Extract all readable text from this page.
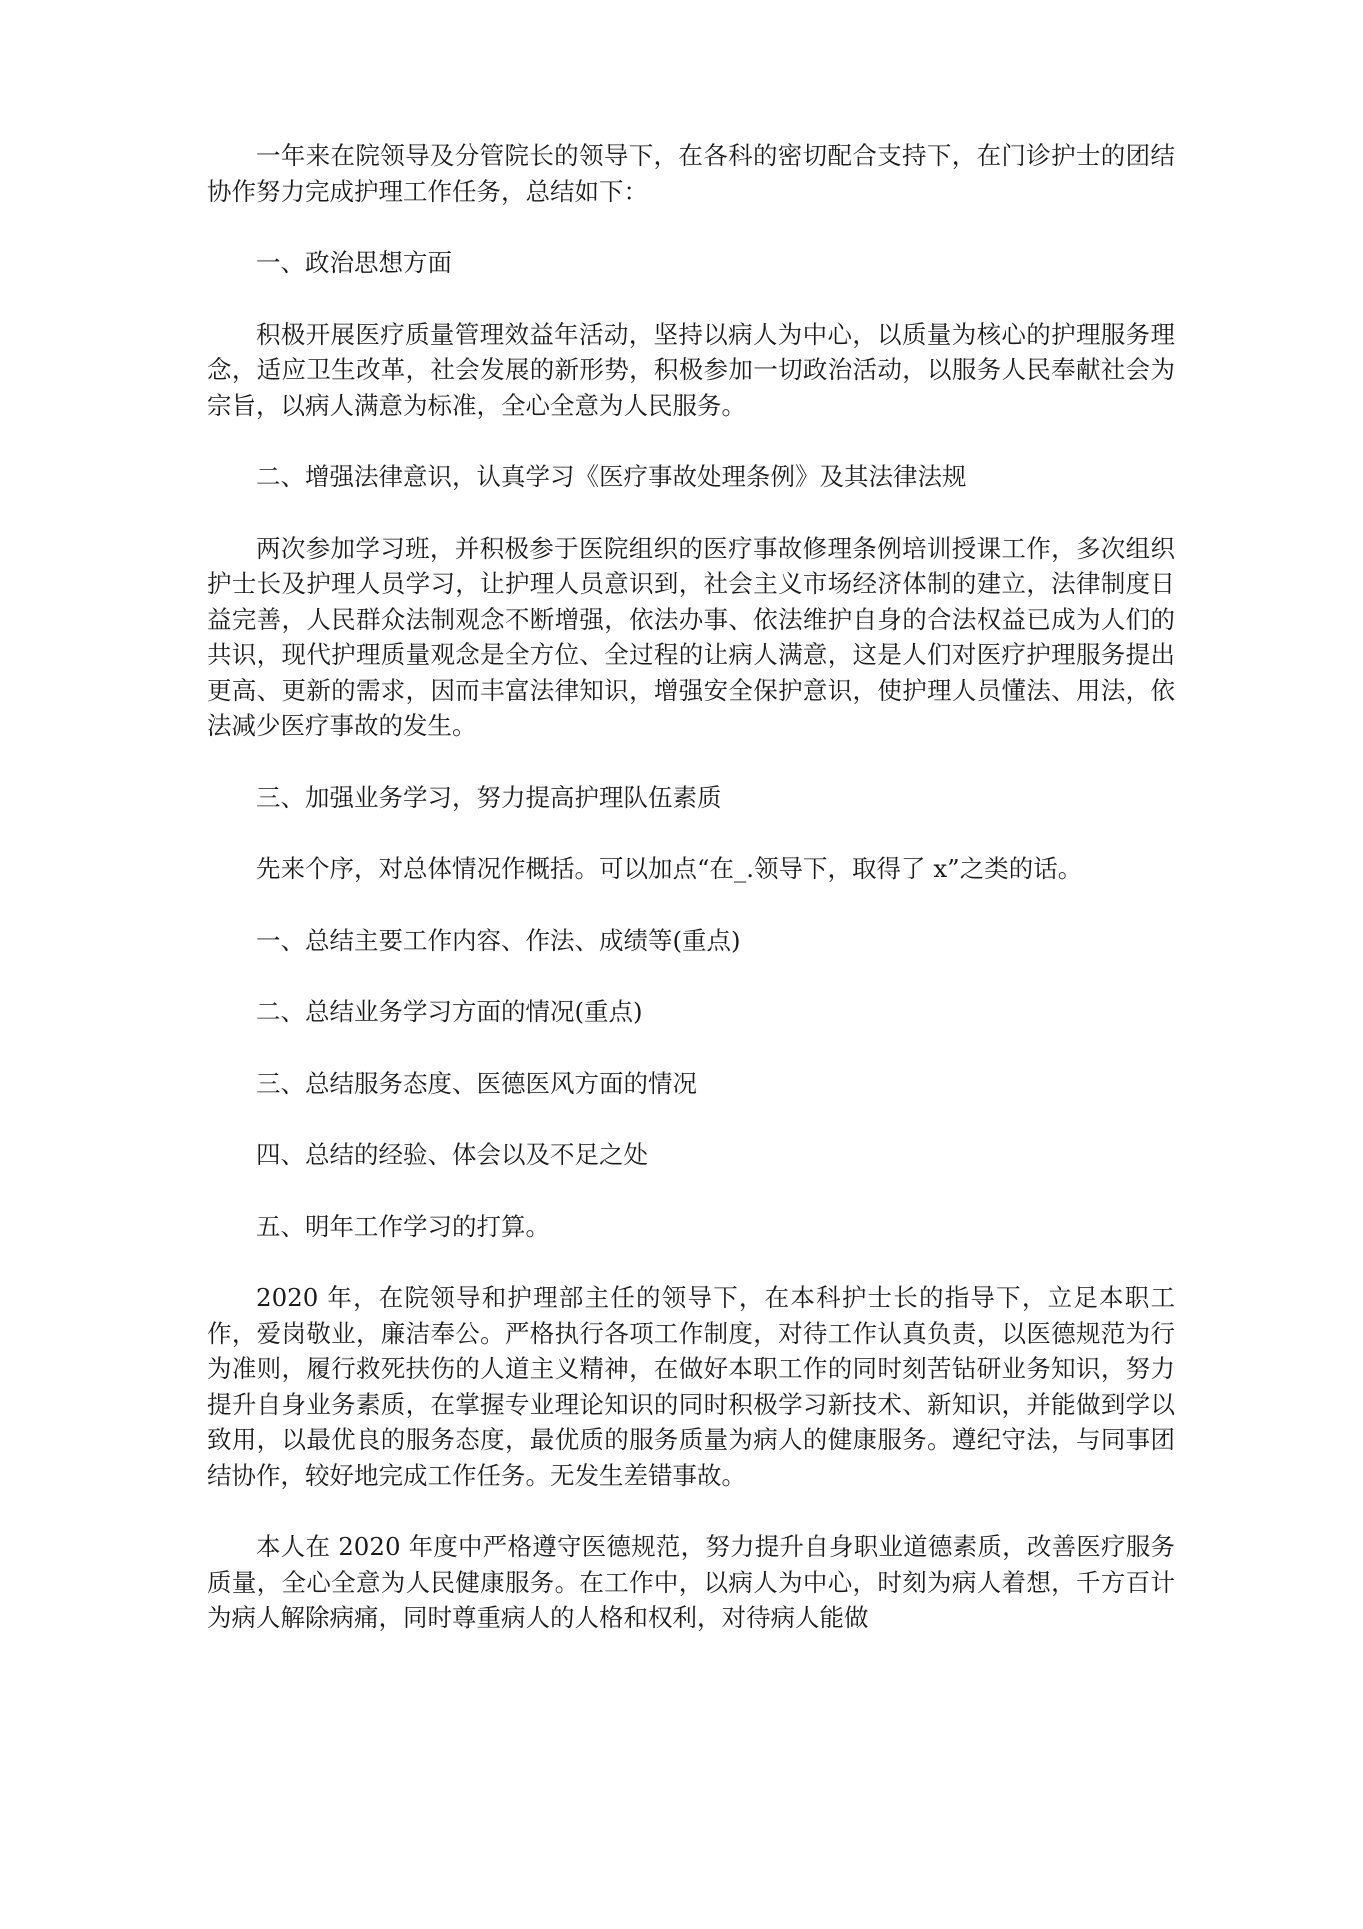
一年来在院领导及分管院长的领导下，在各科的密切配合支持下，在门诊护士的团结协作努力完成护理工作任务，总结如下：

一、政治思想方面

积极开展医疗质量管理效益年活动，坚持以病人为中心，以质量为核心的护理服务理念，适应卫生改革，社会发展的新形势，积极参加一切政治活动，以服务人民奉献社会为宗旨，以病人满意为标准，全心全意为人民服务。

二、增强法律意识，认真学习《医疗事故处理条例》及其法律法规

两次参加学习班，并积极参于医院组织的医疗事故修理条例培训授课工作，多次组织护士长及护理人员学习，让护理人员意识到，社会主义市场经济体制的建立，法律制度日益完善，人民群众法制观念不断增强，依法办事、依法维护自身的合法权益已成为人们的共识，现代护理质量观念是全方位、全过程的让病人满意，这是人们对医疗护理服务提出更高、更新的需求，因而丰富法律知识，增强安全保护意识，使护理人员懂法、用法，依法减少医疗事故的发生。

三、加强业务学习，努力提高护理队伍素质

先来个序，对总体情况作概括。可以加点“在_.领导下，取得了 x”之类的话。

一、总结主要工作内容、作法、成绩等(重点)

二、总结业务学习方面的情况(重点)

三、总结服务态度、医德医风方面的情况

四、总结的经验、体会以及不足之处

五、明年工作学习的打算。

2020 年，在院领导和护理部主任的领导下，在本科护士长的指导下，立足本职工作，爱岗敬业，廉洁奉公。严格执行各项工作制度，对待工作认真负责，以医德规范为行为准则，履行救死扶伤的人道主义精神，在做好本职工作的同时刻苦钻研业务知识，努力提升自身业务素质，在掌握专业理论知识的同时积极学习新技术、新知识，并能做到学以致用，以最优良的服务态度，最优质的服务质量为病人的健康服务。遵纪守法，与同事团结协作，较好地完成工作任务。无发生差错事故。

本人在 2020 年度中严格遵守医德规范，努力提升自身职业道德素质，改善医疗服务质量，全心全意为人民健康服务。在工作中，以病人为中心，时刻为病人着想，千方百计为病人解除病痛，同时尊重病人的人格和权利，对待病人能做
